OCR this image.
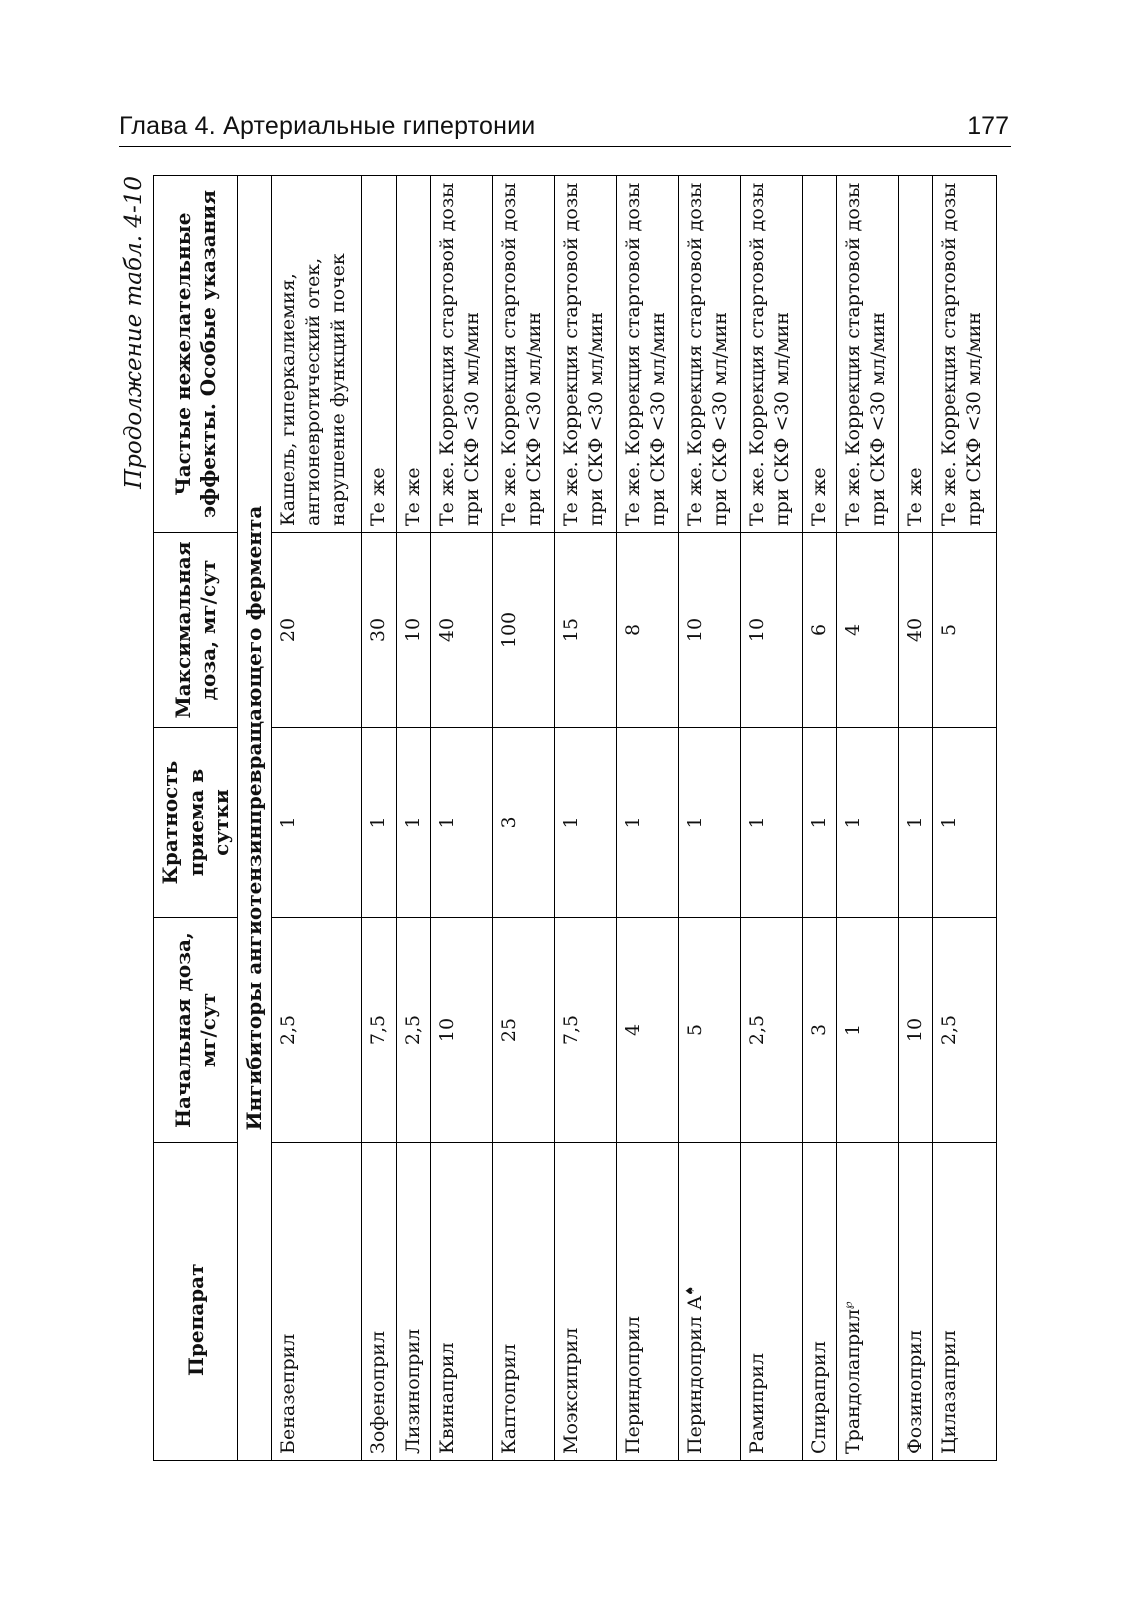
Глава 4. Артериальные гипертонии	177
Продолжение табл. 4-10
Препарат	Начальная доза, мг/сут	Кратность приема в сутки	Максимальная доза, мг/сут	Частые нежелательные эффекты. Особые указания
Ингибиторы ангиотензинпревращающего фермента				
Беназеприл	2,5	1	20	Кашель, гиперкалиемия, ангионевротический отек, нарушение функций почек
Зофеноприл	7,5	1	30	Те же
Лизиноприл	2,5	1	10	Те же
Квинаприл	10	1	40	Те же. Коррекция стартовой дозы при СКФ <30 мл/мин
Каптоприл	25	3	100	Те же. Коррекция стартовой дозы при СКФ <30 мл/мин
Моэксиприл	7,5	1	15	Те же. Коррекция стартовой дозы при СКФ <30 мл/мин
Периндоприл	4	1	8	Те же. Коррекция стартовой дозы при СКФ <30 мл/мин
Периндоприл А♠	5	1	10	Те же. Коррекция стартовой дозы при СКФ <30 мл/мин
Рамиприл	2,5	1	10	Те же. Коррекция стартовой дозы при СКФ <30 мл/мин
Спираприл	3	1	6	Те же
Трандолаприл℘	1	1	4	Те же. Коррекция стартовой дозы при СКФ <30 мл/мин
Фозиноприл	10	1	40	Те же
Цилазаприл	2,5	1	5	Те же. Коррекция стартовой дозы при СКФ <30 мл/мин
